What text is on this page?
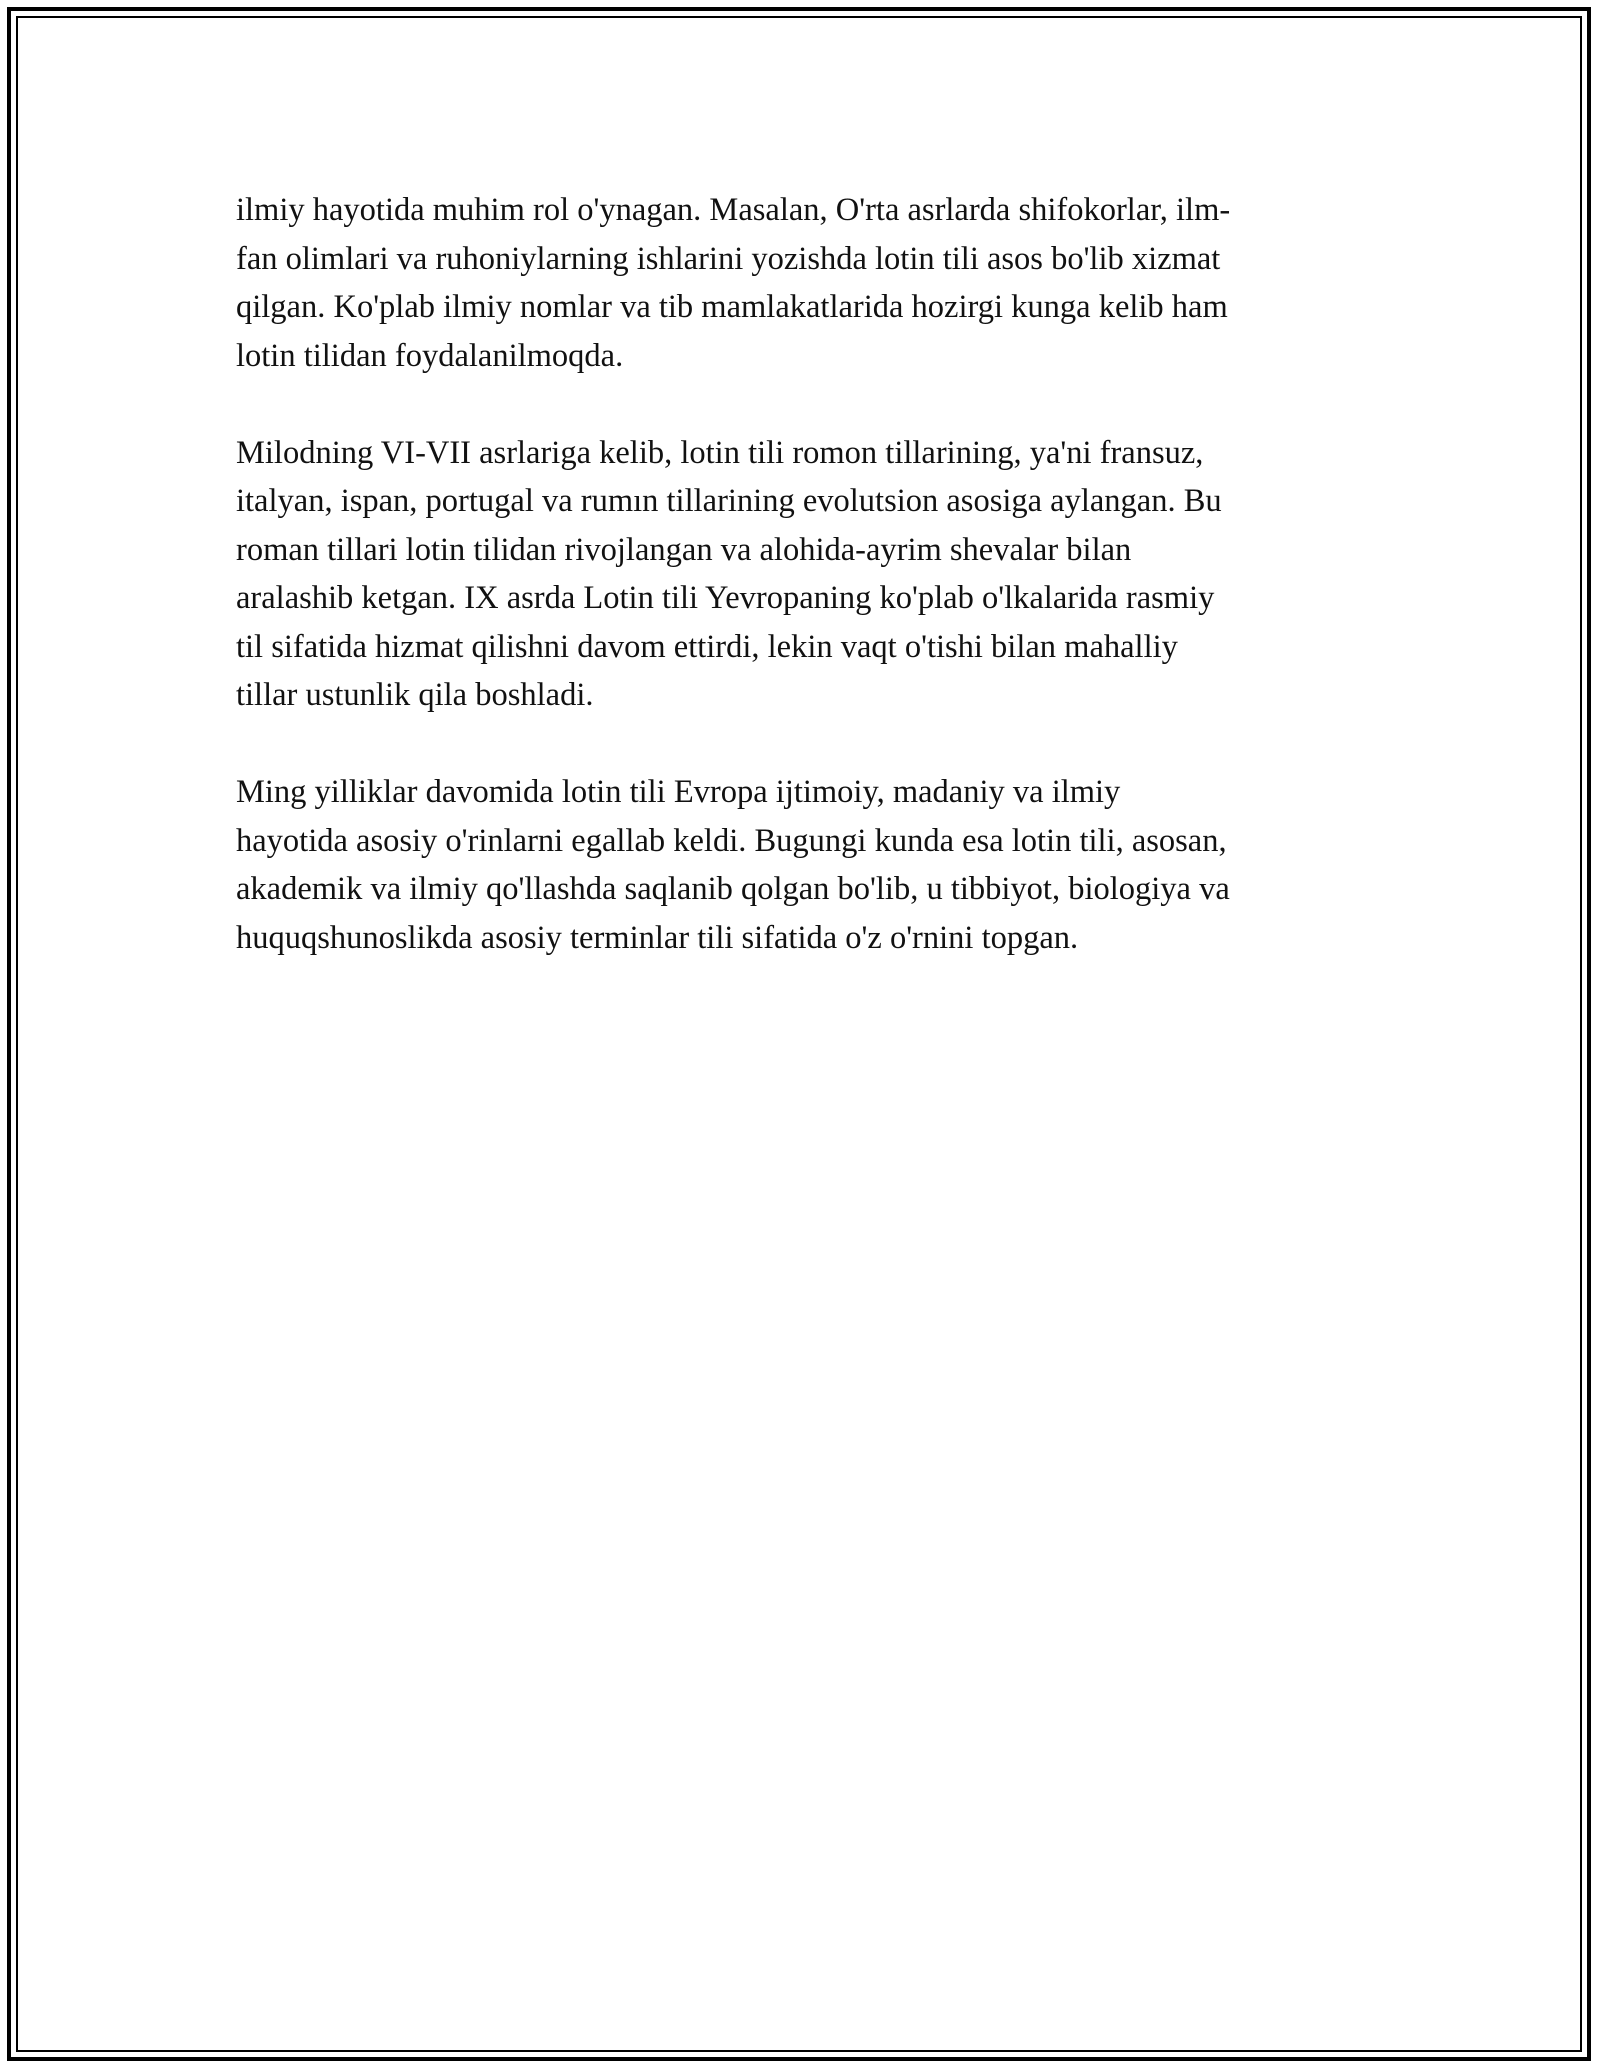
ilmiy hayotida muhim rol o'ynagan. Masalan, O'rta asrlarda shifokorlar, ilm-
fan olimlari va ruhoniylarning ishlarini yozishda lotin tili asos bo'lib xizmat
qilgan. Ko'plab ilmiy nomlar va tib mamlakatlarida hozirgi kunga kelib ham
lotin tilidan foydalanilmoqda.

Milodning VI-VII asrlariga kelib, lotin tili romon tillarining, ya'ni fransuz,
italyan, ispan, portugal va rumın tillarining evolutsion asosiga aylangan. Bu
roman tillari lotin tilidan rivojlangan va alohida-ayrim shevalar bilan
aralashib ketgan. IX asrda Lotin tili Yevropaning ko'plab o'lkalarida rasmiy
til sifatida hizmat qilishni davom ettirdi, lekin vaqt o'tishi bilan mahalliy
tillar ustunlik qila boshladi.

Ming yilliklar davomida lotin tili Evropa ijtimoiy, madaniy va ilmiy
hayotida asosiy o'rinlarni egallab keldi. Bugungi kunda esa lotin tili, asosan,
akademik va ilmiy qo'llashda saqlanib qolgan bo'lib, u tibbiyot, biologiya va
huquqshunoslikda asosiy terminlar tili sifatida o'z o'rnini topgan.
